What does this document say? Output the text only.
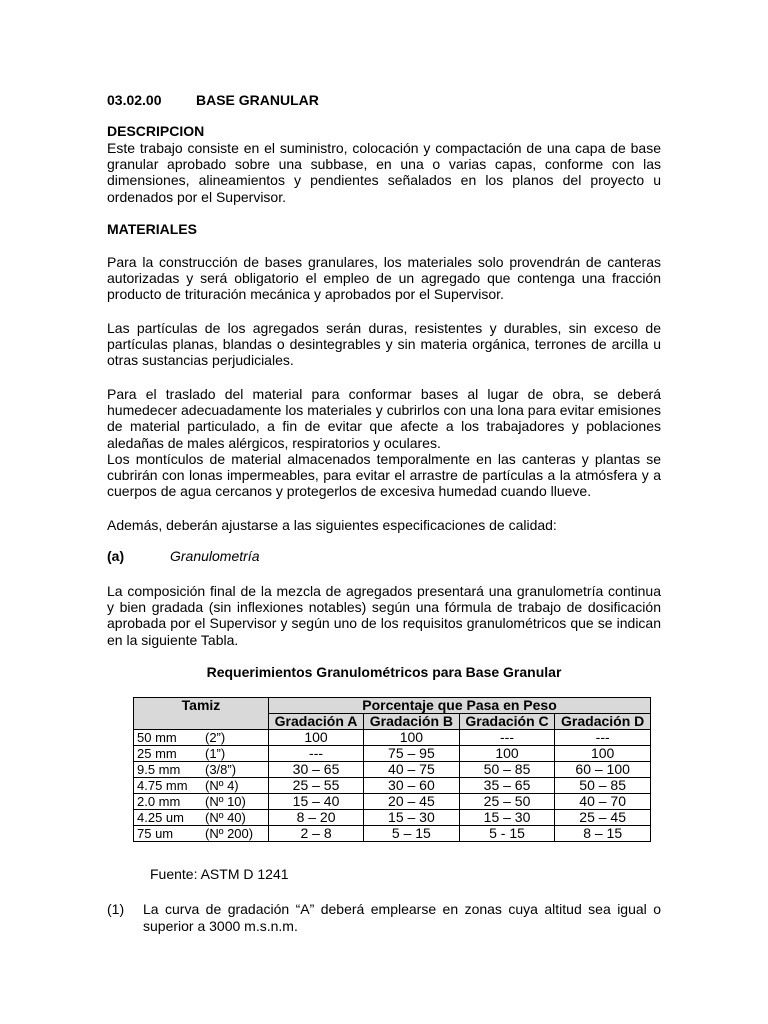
03.02.00 BASE GRANULAR
DESCRIPCION
Este trabajo consiste en el suministro, colocación y compactación de una capa de base granular aprobado sobre una subbase, en una o varias capas, conforme con las dimensiones, alineamientos y pendientes señalados en los planos del proyecto u ordenados por el Supervisor.
MATERIALES
Para la construcción de bases granulares, los materiales solo provendrán de canteras autorizadas y será obligatorio el empleo de un agregado que contenga una fracción producto de trituración mecánica y aprobados por el Supervisor.
Las partículas de los agregados serán duras, resistentes y durables, sin exceso de partículas planas, blandas o desintegrables y sin materia orgánica, terrones de arcilla u otras sustancias perjudiciales.
Para el traslado del material para conformar bases al lugar de obra, se deberá humedecer adecuadamente los materiales y cubrirlos con una lona para evitar emisiones de material particulado, a fin de evitar que afecte a los trabajadores y poblaciones aledañas de males alérgicos, respiratorios y oculares.
Los montículos de material almacenados temporalmente en las canteras y plantas se cubrirán con lonas impermeables, para evitar el arrastre de partículas a la atmósfera y a cuerpos de agua cercanos y protegerlos de excesiva humedad cuando llueve.
Además, deberán ajustarse a las siguientes especificaciones de calidad:
(a)	Granulometría
La composición final de la mezcla de agregados presentará una granulometría continua y bien gradada (sin inflexiones notables) según una fórmula de trabajo de dosificación aprobada por el Supervisor y según uno de los requisitos granulométricos que se indican en la siguiente Tabla.
Requerimientos Granulométricos para Base Granular
Tamiz	Porcentaje que Pasa en Peso			
	Gradación A	Gradación B	Gradación C	Gradación D
50 mm (2”)	100	100	---	---
25 mm (1”)	---	75 – 95	100	100
9.5 mm (3/8”)	30 – 65	40 – 75	50 – 85	60 – 100
4.75 mm (Nº 4)	25 – 55	30 – 60	35 – 65	50 – 85
2.0 mm (Nº 10)	15 – 40	20 – 45	25 – 50	40 – 70
4.25 um (Nº 40)	8 – 20	15 – 30	15 – 30	25 – 45
75 um (Nº 200)	2 – 8	5 – 15	5 - 15	8 – 15
Fuente: ASTM D 1241
(1) La curva de gradación “A” deberá emplearse en zonas cuya altitud sea igual o superior a 3000 m.s.n.m.
